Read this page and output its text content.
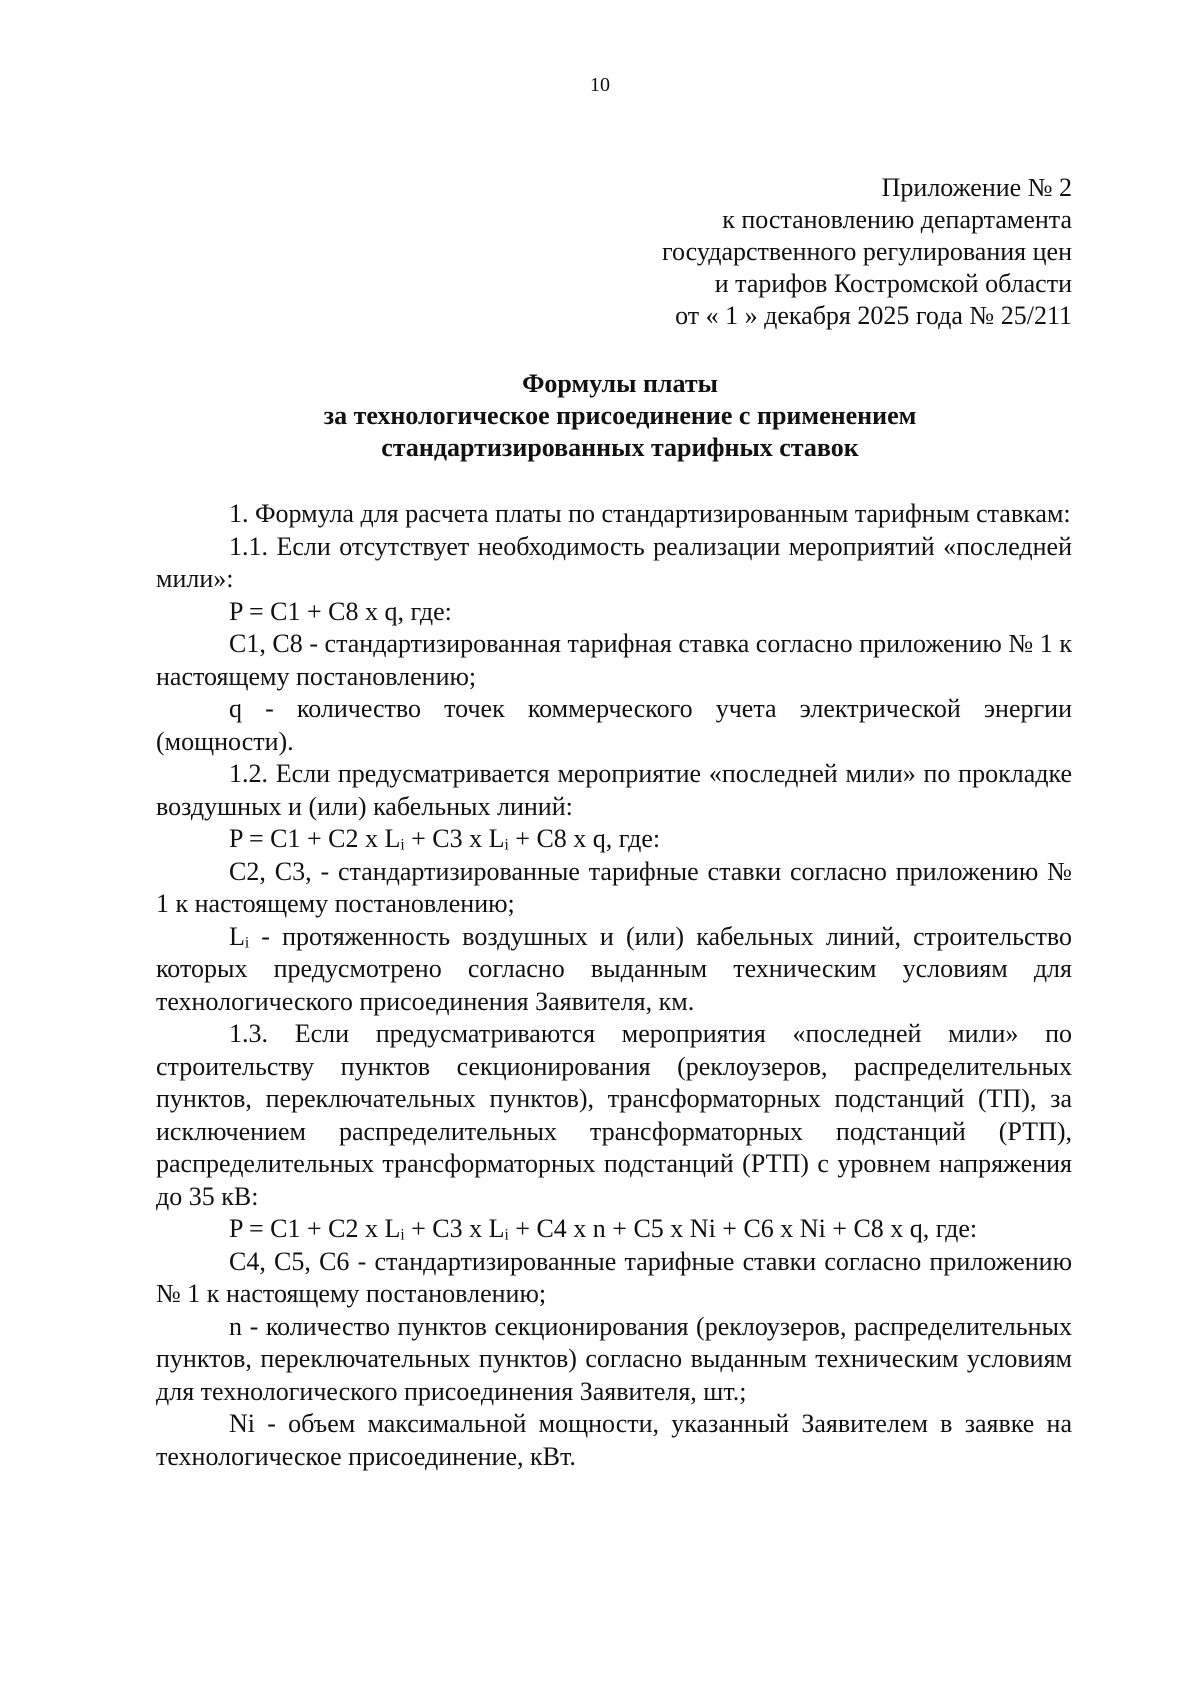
10
Приложение № 2
к постановлению департамента
государственного регулирования цен
и тарифов Костромской области
от « 1 » декабря 2025 года № 25/211
Формулы платы
за технологическое присоединение с применением
стандартизированных тарифных ставок

1. Формула для расчета платы по стандартизированным тарифным ставкам:

1.1. Если отсутствует необходимость реализации мероприятий «последней мили»:

P = C1 + C8 x q, где:

C1, C8 - стандартизированная тарифная ставка согласно приложению № 1 к настоящему постановлению;

q - количество точек коммерческого учета электрической энергии (мощности).

1.2. Если предусматривается мероприятие «последней мили» по прокладке воздушных и (или) кабельных линий:

P = C1 + C2 x Lᵢ + C3 x Lᵢ + C8 x q, где:

C2, C3, - стандартизированные тарифные ставки согласно приложению № 1 к настоящему постановлению;

Lᵢ - протяженность воздушных и (или) кабельных линий, строительство которых предусмотрено согласно выданным техническим условиям для технологического присоединения Заявителя, км.

1.3. Если предусматриваются мероприятия «последней мили» по строительству пунктов секционирования (реклоузеров, распределительных пунктов, переключательных пунктов), трансформаторных подстанций (ТП), за исключением распределительных трансформаторных подстанций (РТП), распределительных трансформаторных подстанций (РТП) с уровнем напряжения до 35 кВ:

P = C1 + C2 x Lᵢ + C3 x Lᵢ + C4 x n + C5 x Ni + C6 x Ni + C8 x q, где:

C4, C5, C6 - стандартизированные тарифные ставки согласно приложению № 1 к настоящему постановлению;

n - количество пунктов секционирования (реклоузеров, распределительных пунктов, переключательных пунктов) согласно выданным техническим условиям для технологического присоединения Заявителя, шт.;

Ni - объем максимальной мощности, указанный Заявителем в заявке на технологическое присоединение, кВт.
